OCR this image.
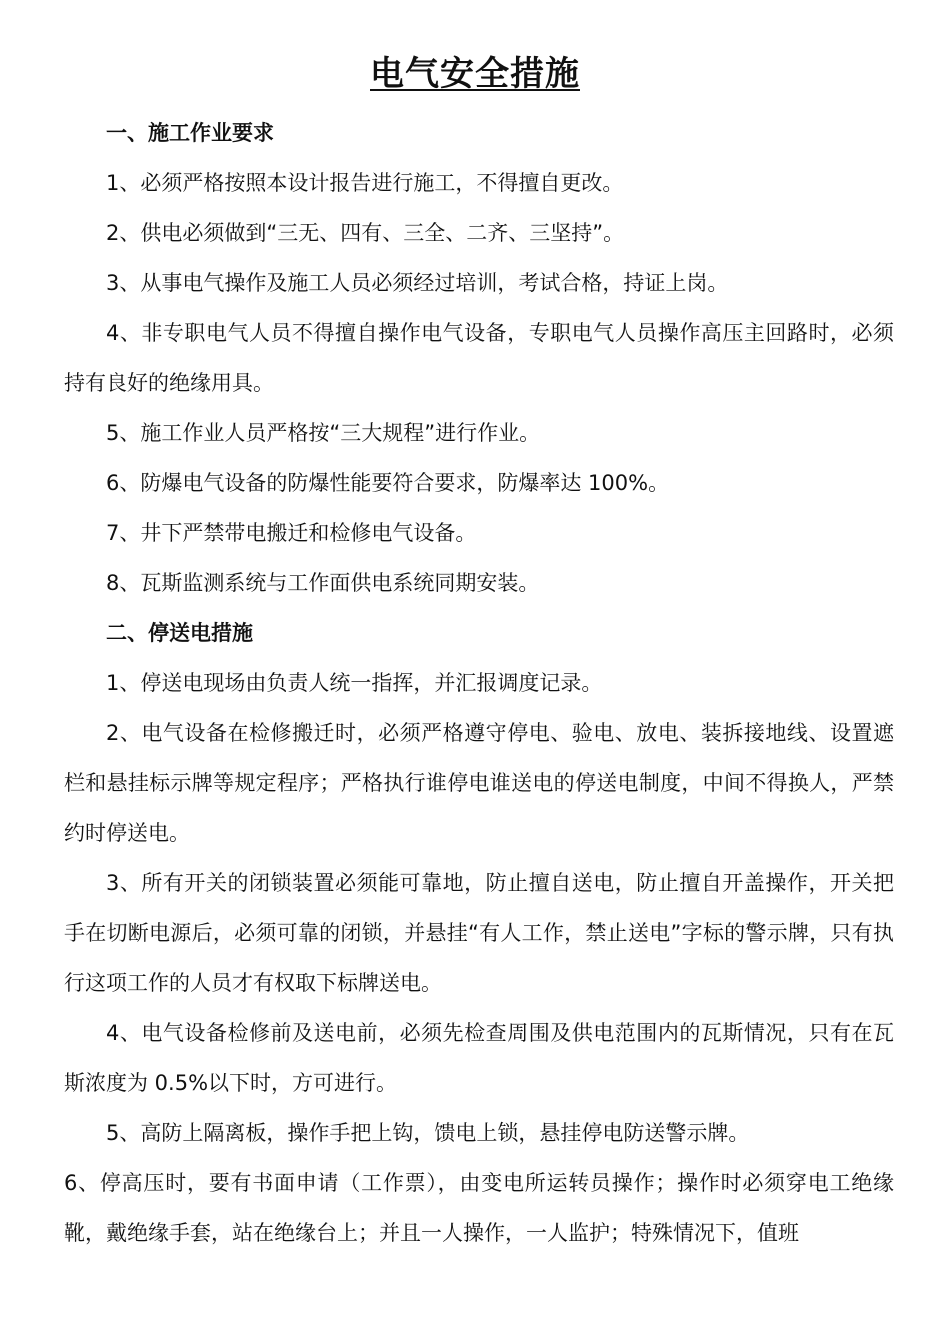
电气安全措施

一、施工作业要求

1、必须严格按照本设计报告进行施工，不得擅自更改。

2、供电必须做到“三无、四有、三全、二齐、三坚持”。

3、从事电气操作及施工人员必须经过培训，考试合格，持证上岗。

4、非专职电气人员不得擅自操作电气设备，专职电气人员操作高压主回路时，必须持有良好的绝缘用具。

5、施工作业人员严格按“三大规程”进行作业。

6、防爆电气设备的防爆性能要符合要求，防爆率达 100%。

7、井下严禁带电搬迁和检修电气设备。

8、瓦斯监测系统与工作面供电系统同期安装。

二、停送电措施

1、停送电现场由负责人统一指挥，并汇报调度记录。

2、电气设备在检修搬迁时，必须严格遵守停电、验电、放电、装拆接地线、设置遮栏和悬挂标示牌等规定程序；严格执行谁停电谁送电的停送电制度，中间不得换人，严禁约时停送电。

3、所有开关的闭锁装置必须能可靠地，防止擅自送电，防止擅自开盖操作，开关把手在切断电源后，必须可靠的闭锁，并悬挂“有人工作，禁止送电”字标的警示牌，只有执行这项工作的人员才有权取下标牌送电。

4、电气设备检修前及送电前，必须先检查周围及供电范围内的瓦斯情况，只有在瓦斯浓度为 0.5%以下时，方可进行。

5、高防上隔离板，操作手把上钩，馈电上锁，悬挂停电防送警示牌。

6、停高压时，要有书面申请（工作票），由变电所运转员操作；操作时必须穿电工绝缘靴，戴绝缘手套，站在绝缘台上；并且一人操作，一人监护；特殊情况下，值班
